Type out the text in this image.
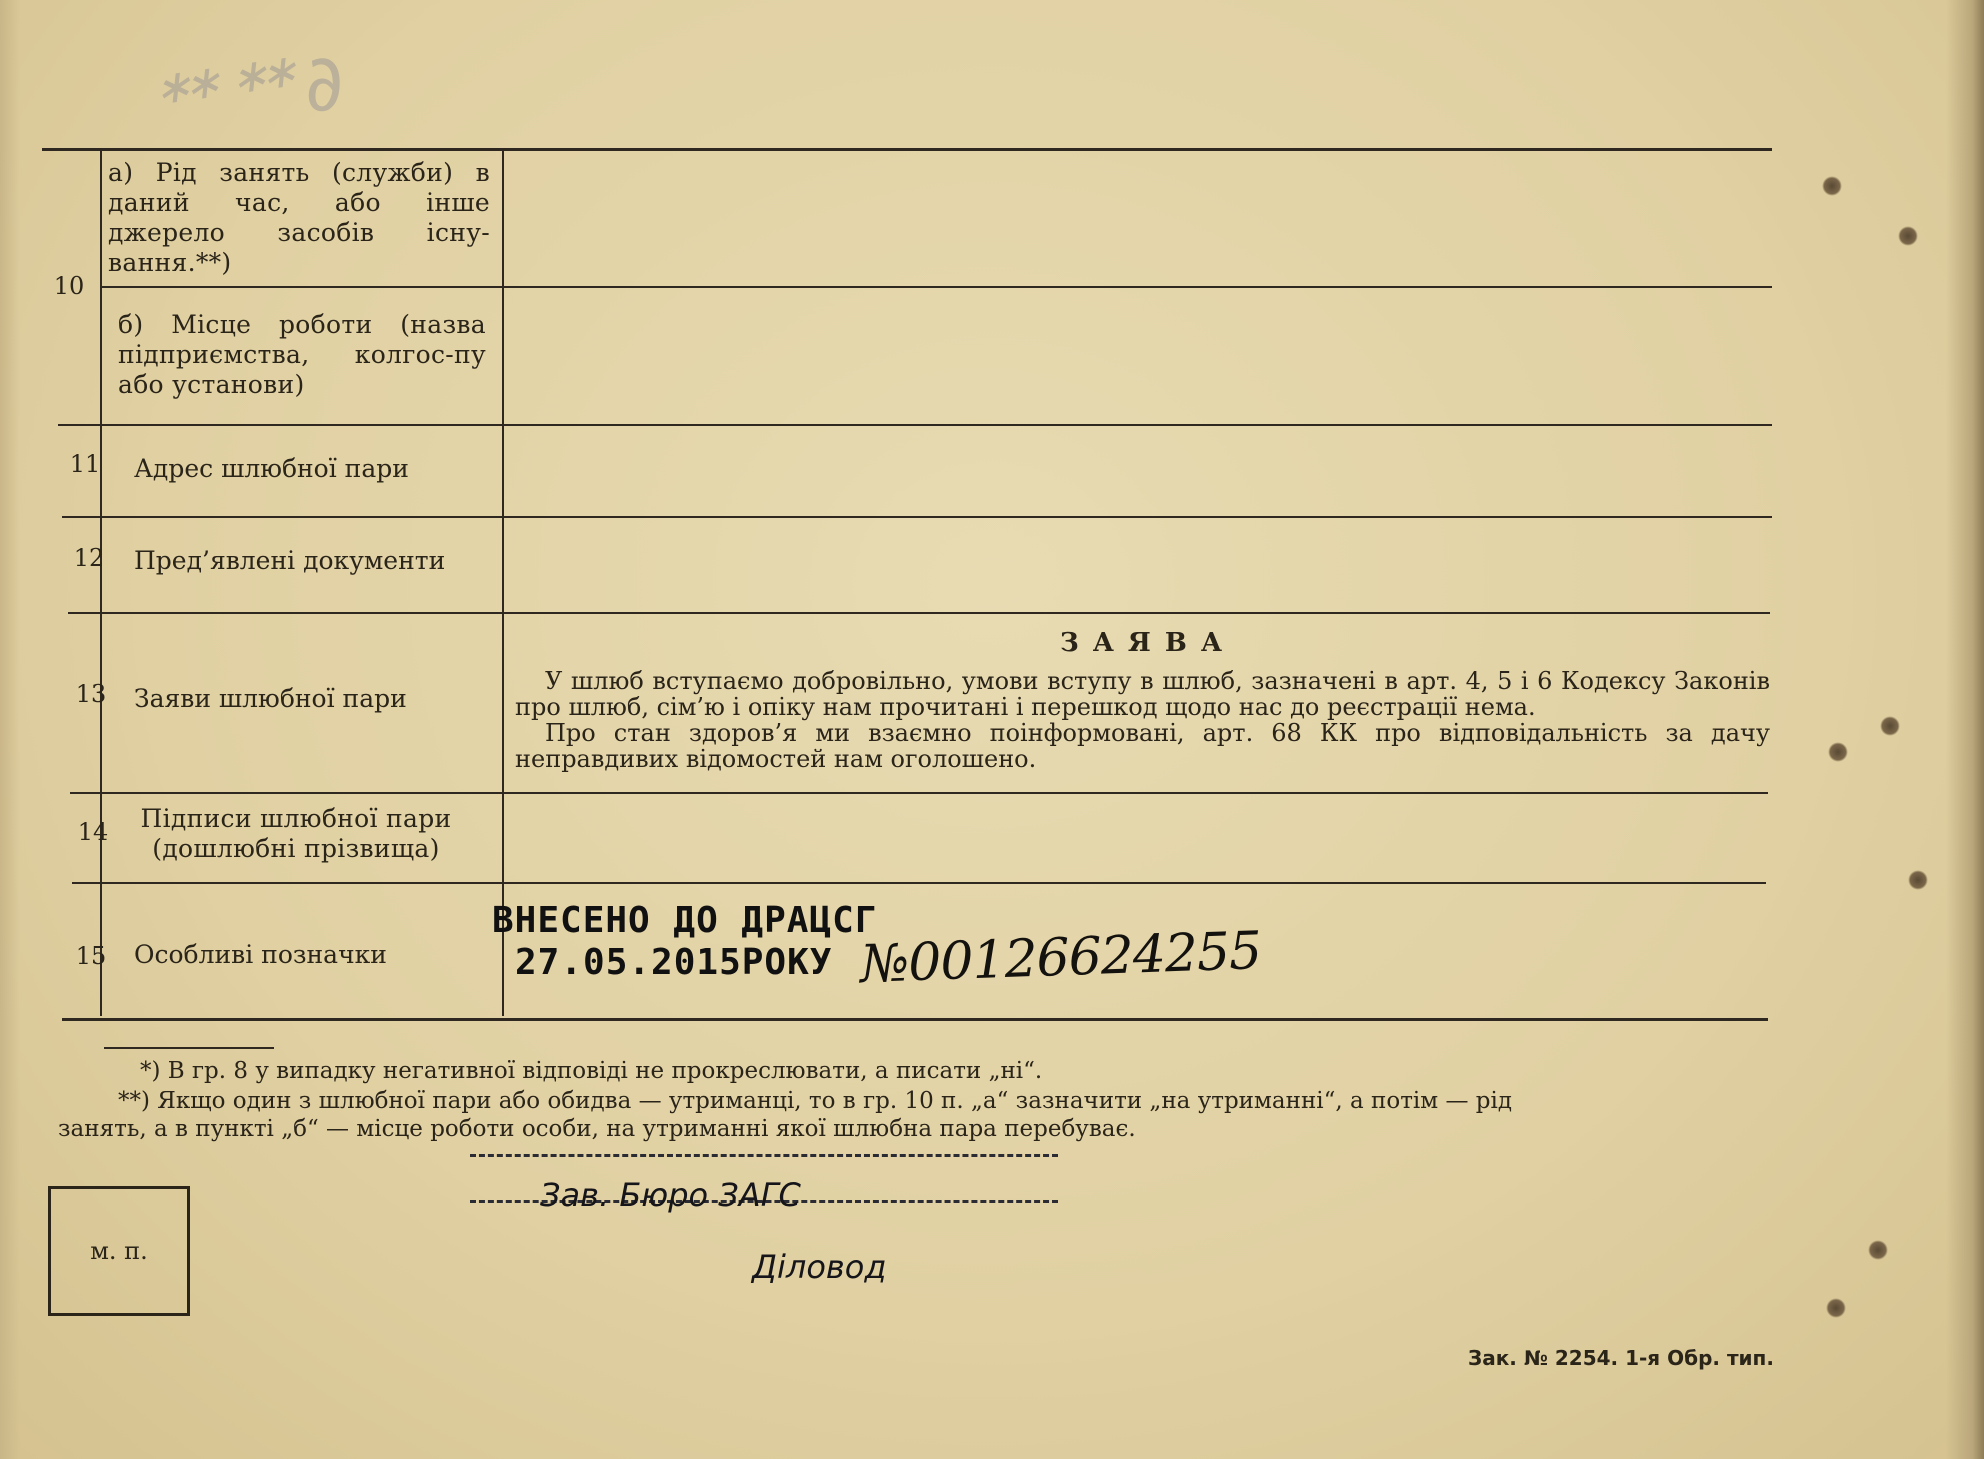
ᕯ ᕯ ∂
10
11
12
13
14
15
а) Рід занять (служби) в даний час, або інше джерело засобів існу-вання.**)
б) Місце роботи (назва підприємства, колгос-пу або установи)
Адрес шлюбної пари
Пред’явлені документи
Заяви шлюбної пари
Підписи шлюбної пари (дошлюбні прізвища)
Особливі позначки
ЗАЯВА

У шлюб вступаємо добровільно, умови вступу в шлюб, зазначені в арт. 4, 5 і 6 Кодексу Законів про шлюб, сім’ю і опіку нам прочитані і перешкод щодо нас до реєстрації нема.

Про стан здоров’я ми взаємно поінформовані, арт. 68 КК про відповідальність за дачу неправдивих відомостей нам оголошено.

ВНЕСЕНО ДО ДРАЦСГ
27.05.2015РОКУ №00126624255
*) В гр. 8 у випадку негативної відповіді не прокреслювати, а писати „ні“.
**) Якщо один з шлюбної пари або обидва — утриманці, то в гр. 10 п. „а“ зазначити „на утриманні“, а потім — рід
занять, а в пункті „б“ — місце роботи особи, на утриманні якої шлюбна пара перебуває.
Зав. Бюро ЗАГС
Діловод
м. п.
Зак. № 2254. 1-я Обр. тип.
